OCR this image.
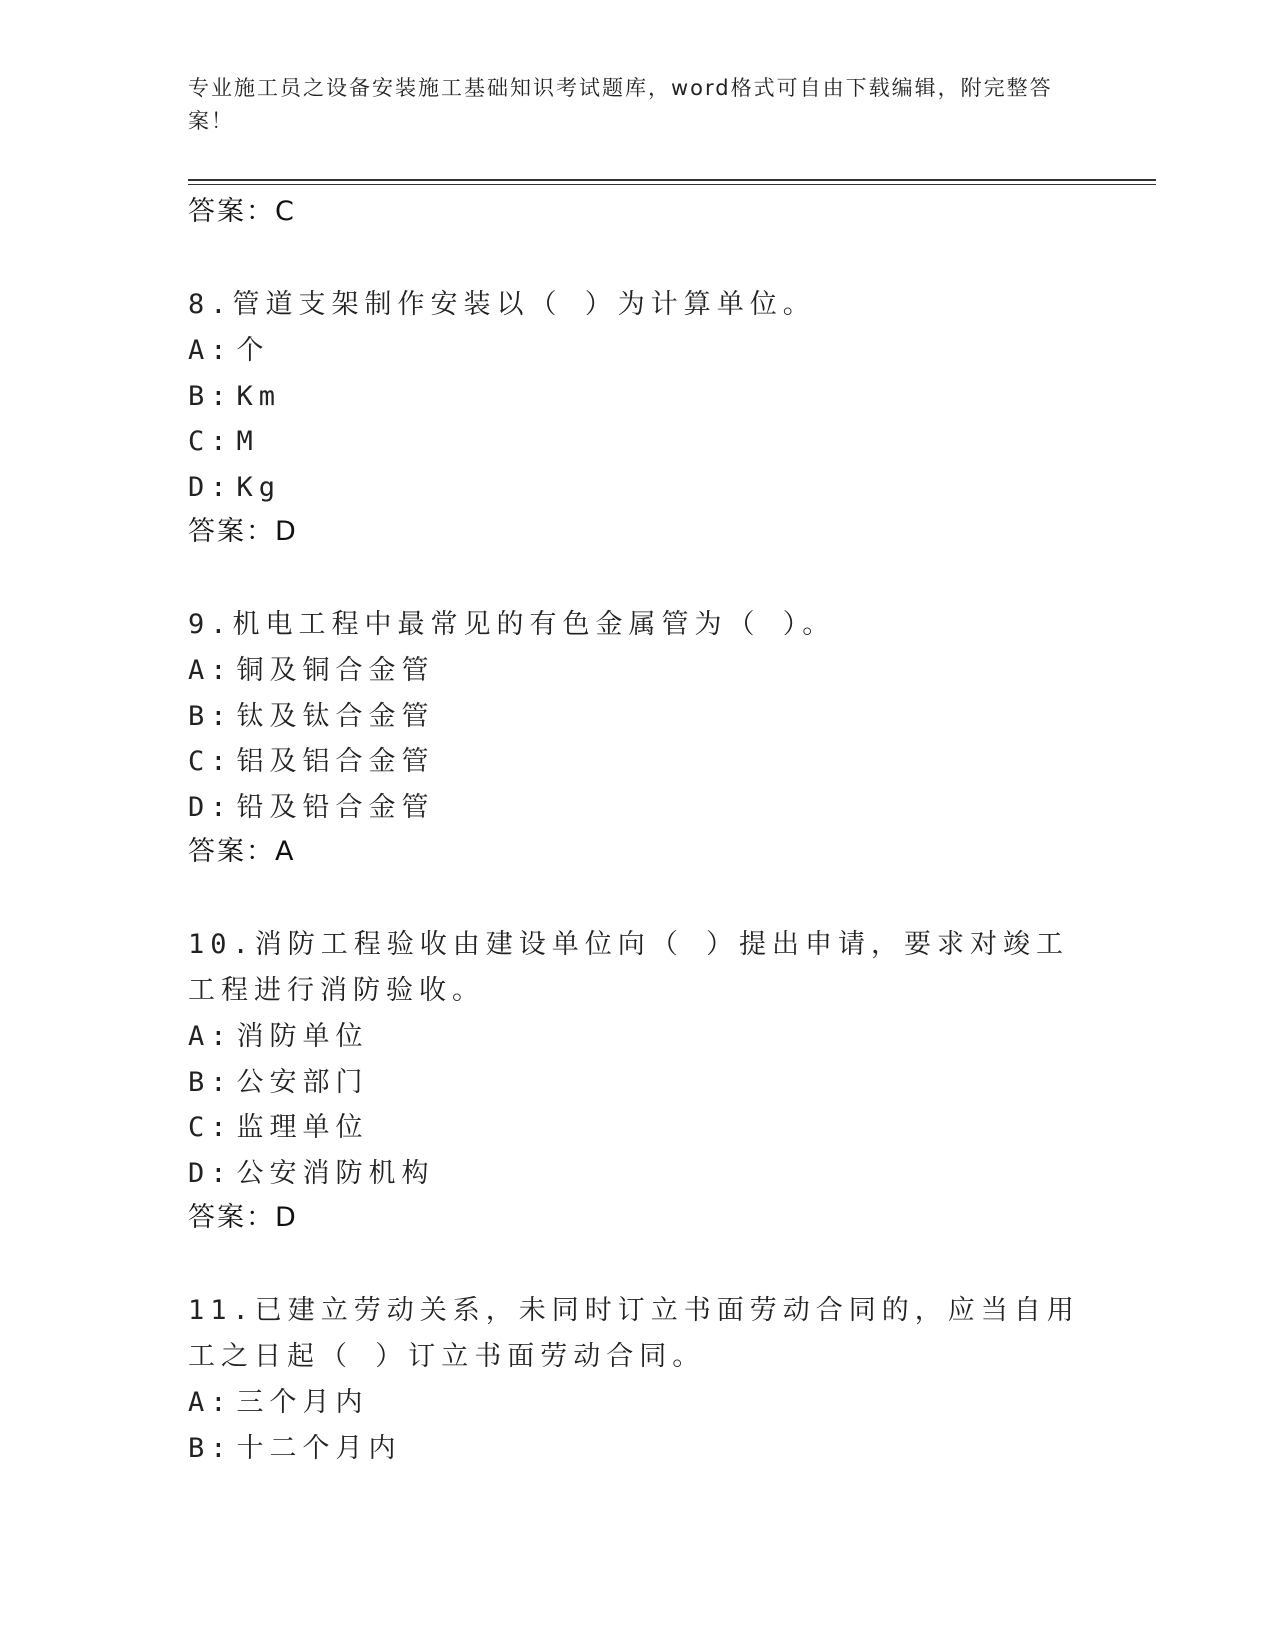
专业施工员之设备安装施工基础知识考试题库，word格式可自由下载编辑，附完整答案！
答案：C
8.管道支架制作安装以（ ）为计算单位。
A: 个
B: Km
C: M
D: Kg
答案：D
9.机电工程中最常见的有色金属管为（ ）。
A: 铜及铜合金管
B: 钛及钛合金管
C: 铝及铝合金管
D: 铅及铅合金管
答案：A
10.消防工程验收由建设单位向（ ）提出申请，要求对竣工工程进行消防验收。
A: 消防单位
B: 公安部门
C: 监理单位
D: 公安消防机构
答案：D
11.已建立劳动关系，未同时订立书面劳动合同的，应当自用工之日起（ ）订立书面劳动合同。
A: 三个月内
B: 十二个月内
